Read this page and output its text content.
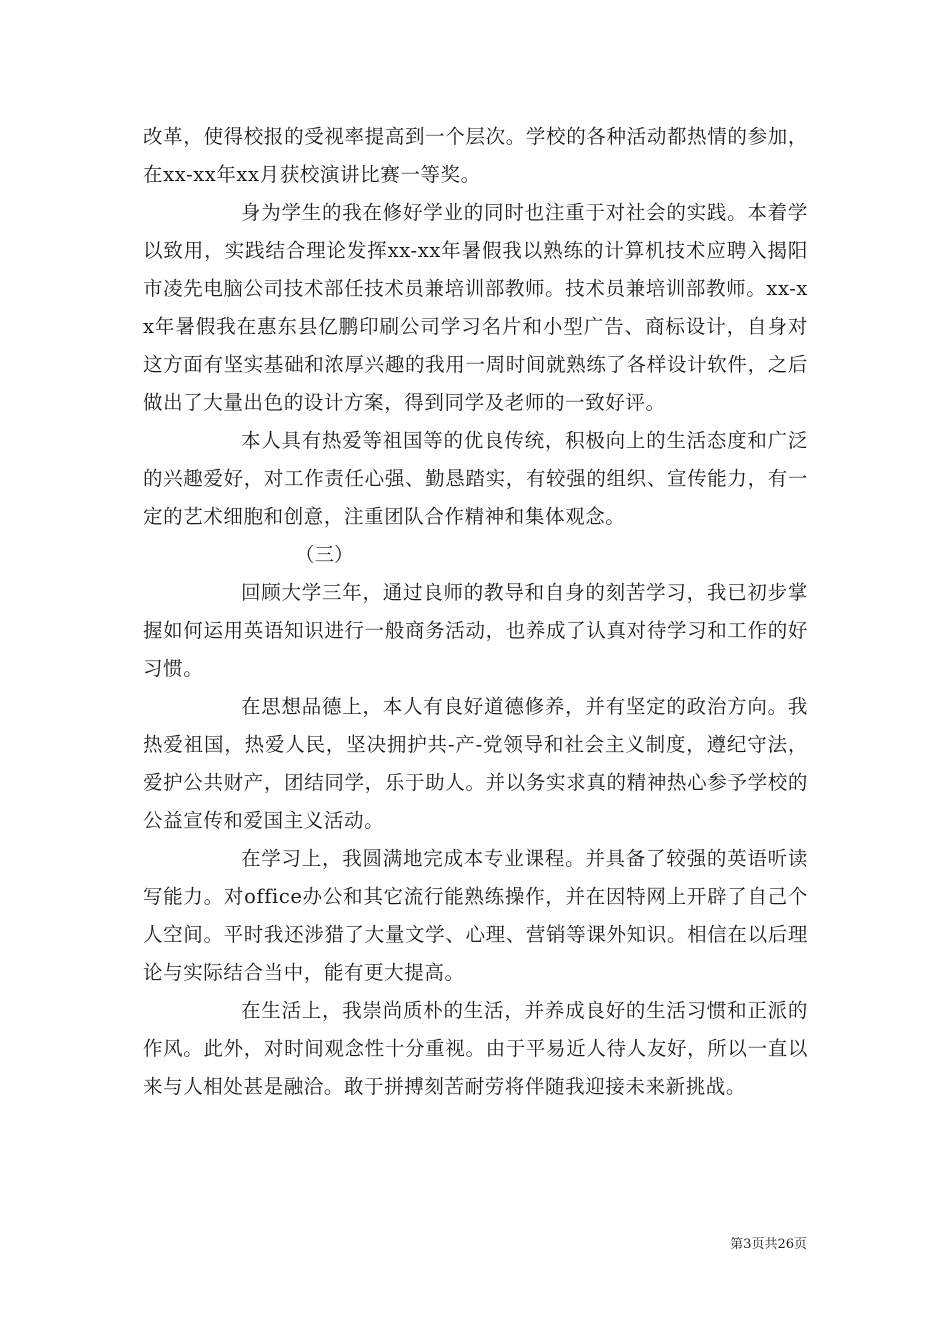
改革，使得校报的受视率提高到一个层次。学校的各种活动都热情的参加，在xx-xx年xx月获校演讲比赛一等奖。

身为学生的我在修好学业的同时也注重于对社会的实践。本着学以致用，实践结合理论发挥xx-xx年暑假我以熟练的计算机技术应聘入揭阳市凌先电脑公司技术部任技术员兼培训部教师。技术员兼培训部教师。xx-xx年暑假我在惠东县亿鹏印刷公司学习名片和小型广告、商标设计，自身对这方面有坚实基础和浓厚兴趣的我用一周时间就熟练了各样设计软件，之后做出了大量出色的设计方案，得到同学及老师的一致好评。

本人具有热爱等祖国等的优良传统，积极向上的生活态度和广泛的兴趣爱好，对工作责任心强、勤恳踏实，有较强的组织、宣传能力，有一定的艺术细胞和创意，注重团队合作精神和集体观念。

（三）

回顾大学三年，通过良师的教导和自身的刻苦学习，我已初步掌握如何运用英语知识进行一般商务活动，也养成了认真对待学习和工作的好习惯。

在思想品德上，本人有良好道德修养，并有坚定的政治方向。我热爱祖国，热爱人民，坚决拥护共-产-党领导和社会主义制度，遵纪守法，爱护公共财产，团结同学，乐于助人。并以务实求真的精神热心参予学校的公益宣传和爱国主义活动。

在学习上，我圆满地完成本专业课程。并具备了较强的英语听读写能力。对office办公和其它流行能熟练操作，并在因特网上开辟了自己个人空间。平时我还涉猎了大量文学、心理、营销等课外知识。相信在以后理论与实际结合当中，能有更大提高。

在生活上，我崇尚质朴的生活，并养成良好的生活习惯和正派的作风。此外，对时间观念性十分重视。由于平易近人待人友好，所以一直以来与人相处甚是融洽。敢于拼搏刻苦耐劳将伴随我迎接未来新挑战。

第3页共26页
